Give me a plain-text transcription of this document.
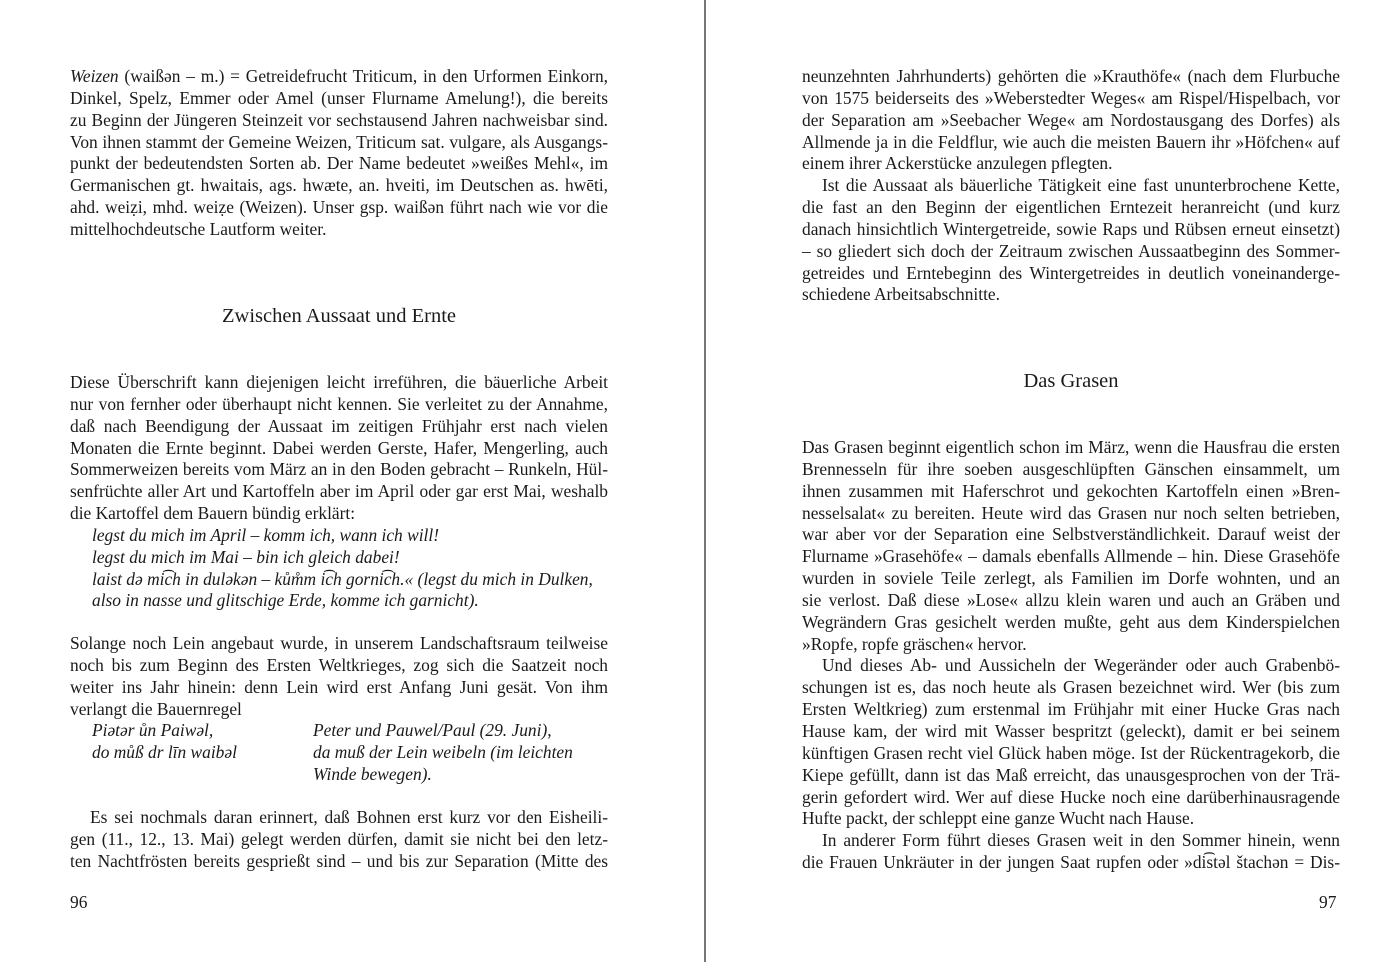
Weizen (waißən – m.) = Getreidefrucht Triticum, in den Urformen Einkorn,
Dinkel, Spelz, Emmer oder Amel (unser Flurname Amelung!), die bereits
zu Beginn der Jüngeren Steinzeit vor sechstausend Jahren nachweisbar sind.
Von ihnen stammt der Gemeine Weizen, Triticum sat. vulgare, als Ausgangs-
punkt der bedeutendsten Sorten ab. Der Name bedeutet »weißes Mehl«, im
Germanischen gt. hwaitais, ags. hwæte, an. hveiti, im Deutschen as. hwēti,
ahd. weiẓi, mhd. weiẓe (Weizen). Unser gsp. waißən führt nach wie vor die
mittelhochdeutsche Lautform weiter.
Zwischen Aussaat und Ernte
Diese Überschrift kann diejenigen leicht irreführen, die bäuerliche Arbeit
nur von fernher oder überhaupt nicht kennen. Sie verleitet zu der Annahme,
daß nach Beendigung der Aussaat im zeitigen Frühjahr erst nach vielen
Monaten die Ernte beginnt. Dabei werden Gerste, Hafer, Mengerling, auch
Sommerweizen bereits vom März an in den Boden gebracht – Runkeln, Hül-
senfrüchte aller Art und Kartoffeln aber im April oder gar erst Mai, weshalb
die Kartoffel dem Bauern bündig erklärt:
legst du mich im April – komm ich, wann ich will!
legst du mich im Mai – bin ich gleich dabei!
laist də mi͡ch in duləkən – kům̊m i͡ch gorni͡ch.« (legst du mich in Dulken,
also in nasse und glitschige Erde, komme ich garnicht).
Solange noch Lein angebaut wurde, in unserem Landschaftsraum teilweise
noch bis zum Beginn des Ersten Weltkrieges, zog sich die Saatzeit noch
weiter ins Jahr hinein: denn Lein wird erst Anfang Juni gesät. Von ihm
verlangt die Bauernregel
Piətər ůn Paiwəl,	Peter und Pauwel/Paul (29. Juni),
do můß dr līn waibəl	da muß der Lein weibeln (im leichten
Winde bewegen).
Es sei nochmals daran erinnert, daß Bohnen erst kurz vor den Eisheili-
gen (11., 12., 13. Mai) gelegt werden dürfen, damit sie nicht bei den letz-
ten Nachtfrösten bereits gesprießt sind – und bis zur Separation (Mitte des
96
neunzehnten Jahrhunderts) gehörten die »Krauthöfe« (nach dem Flurbuche
von 1575 beiderseits des »Weberstedter Weges« am Rispel/Hispelbach, vor
der Separation am »Seebacher Wege« am Nordostausgang des Dorfes) als
Allmende ja in die Feldflur, wie auch die meisten Bauern ihr »Höfchen« auf
einem ihrer Ackerstücke anzulegen pflegten.
Ist die Aussaat als bäuerliche Tätigkeit eine fast ununterbrochene Kette,
die fast an den Beginn der eigentlichen Erntezeit heranreicht (und kurz
danach hinsichtlich Wintergetreide, sowie Raps und Rübsen erneut einsetzt)
– so gliedert sich doch der Zeitraum zwischen Aussaatbeginn des Sommer-
getreides und Erntebeginn des Wintergetreides in deutlich voneinanderge-
schiedene Arbeitsabschnitte.
Das Grasen
Das Grasen beginnt eigentlich schon im März, wenn die Hausfrau die ersten
Brennesseln für ihre soeben ausgeschlüpften Gänschen einsammelt, um
ihnen zusammen mit Haferschrot und gekochten Kartoffeln einen »Bren-
nesselsalat« zu bereiten. Heute wird das Grasen nur noch selten betrieben,
war aber vor der Separation eine Selbstverständlichkeit. Darauf weist der
Flurname »Grasehöfe« – damals ebenfalls Allmende – hin. Diese Grasehöfe
wurden in soviele Teile zerlegt, als Familien im Dorfe wohnten, und an
sie verlost. Daß diese »Lose« allzu klein waren und auch an Gräben und
Wegrändern Gras gesichelt werden mußte, geht aus dem Kinderspielchen
»Ropfe, ropfe gräschen« hervor.
Und dieses Ab- und Aussicheln der Wegeränder oder auch Grabenbö-
schungen ist es, das noch heute als Grasen bezeichnet wird. Wer (bis zum
Ersten Weltkrieg) zum erstenmal im Frühjahr mit einer Hucke Gras nach
Hause kam, der wird mit Wasser bespritzt (geleckt), damit er bei seinem
künftigen Grasen recht viel Glück haben möge. Ist der Rückentragekorb, die
Kiepe gefüllt, dann ist das Maß erreicht, das unausgesprochen von der Trä-
gerin gefordert wird. Wer auf diese Hucke noch eine darüberhinausragende
Hufte packt, der schleppt eine ganze Wucht nach Hause.
In anderer Form führt dieses Grasen weit in den Sommer hinein, wenn
die Frauen Unkräuter in der jungen Saat rupfen oder »di͡stəl štachən = Dis-
97
